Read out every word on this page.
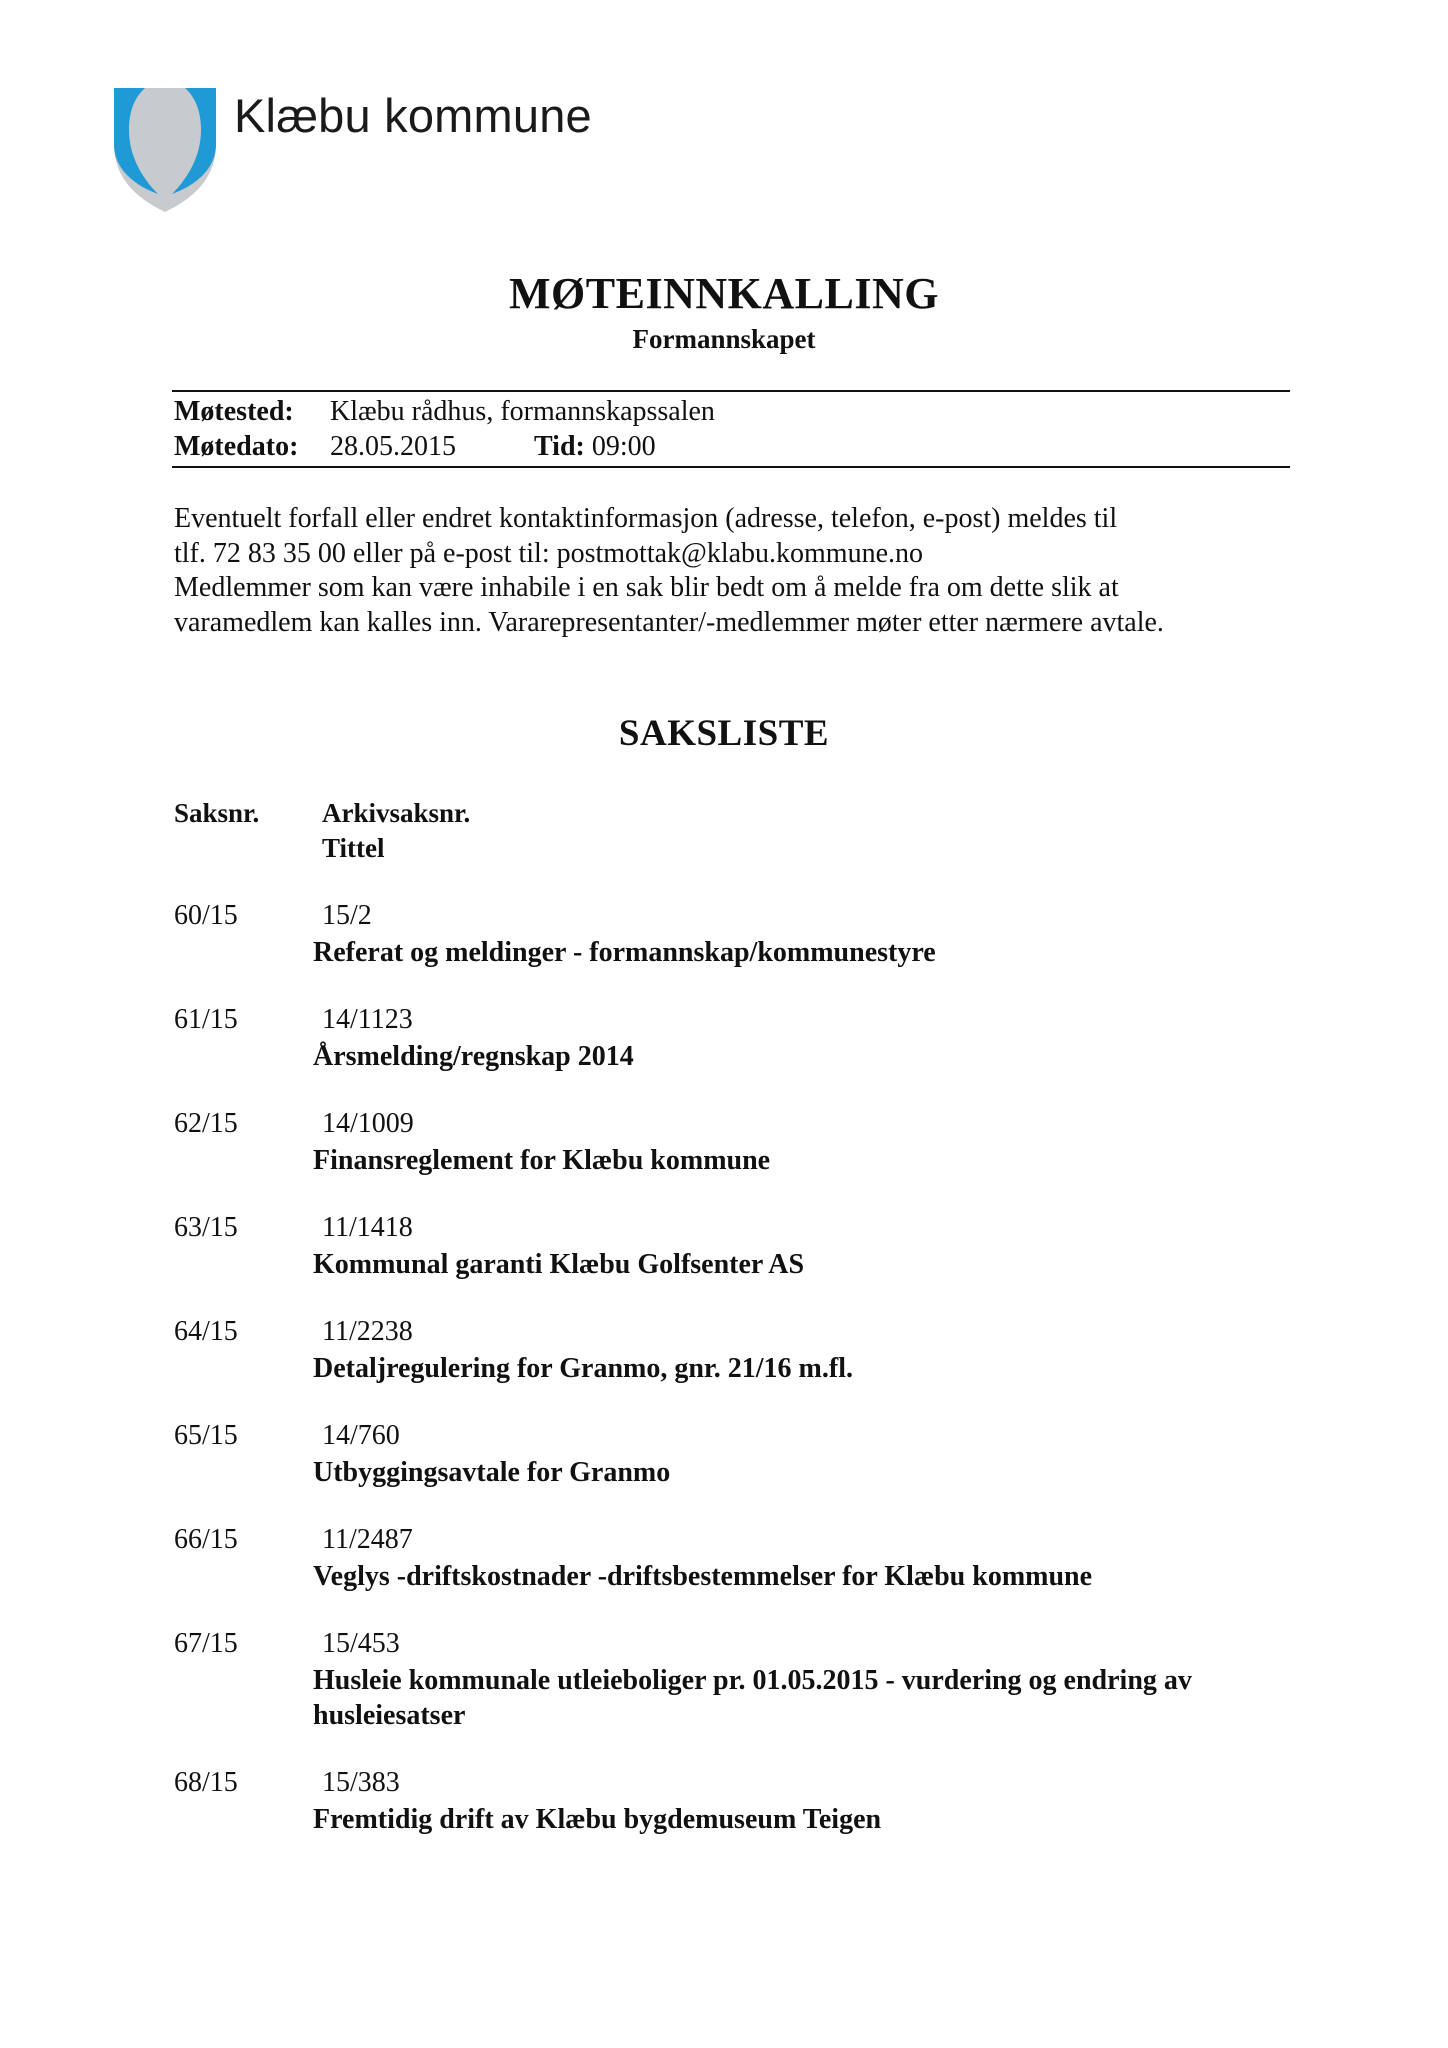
Klæbu kommune
MØTEINNKALLING
Formannskapet
Møtested: Klæbu rådhus, formannskapssalen
Møtedato: 28.05.2015	Tid: 09:00
Eventuelt forfall eller endret kontaktinformasjon (adresse, telefon, e-post) meldes til
tlf. 72 83 35 00 eller på e-post til: postmottak@klabu.kommune.no
Medlemmer som kan være inhabile i en sak blir bedt om å melde fra om dette slik at
varamedlem kan kalles inn. Vararepresentanter/-medlemmer møter etter nærmere avtale.
SAKSLISTE
Saksnr. Arkivsaksnr.
Tittel
60/15	15/2
Referat og meldinger - formannskap/kommunestyre
61/15	14/1123
Årsmelding/regnskap 2014
62/15	14/1009
Finansreglement for Klæbu kommune
63/15	11/1418
Kommunal garanti Klæbu Golfsenter AS
64/15	11/2238
Detaljregulering for Granmo, gnr. 21/16 m.fl.
65/15	14/760
Utbyggingsavtale for Granmo
66/15	11/2487
Veglys -driftskostnader -driftsbestemmelser for Klæbu kommune
67/15	15/453
Husleie kommunale utleieboliger pr. 01.05.2015 - vurdering og endring av husleiesatser
68/15	15/383
Fremtidig drift av Klæbu bygdemuseum Teigen
